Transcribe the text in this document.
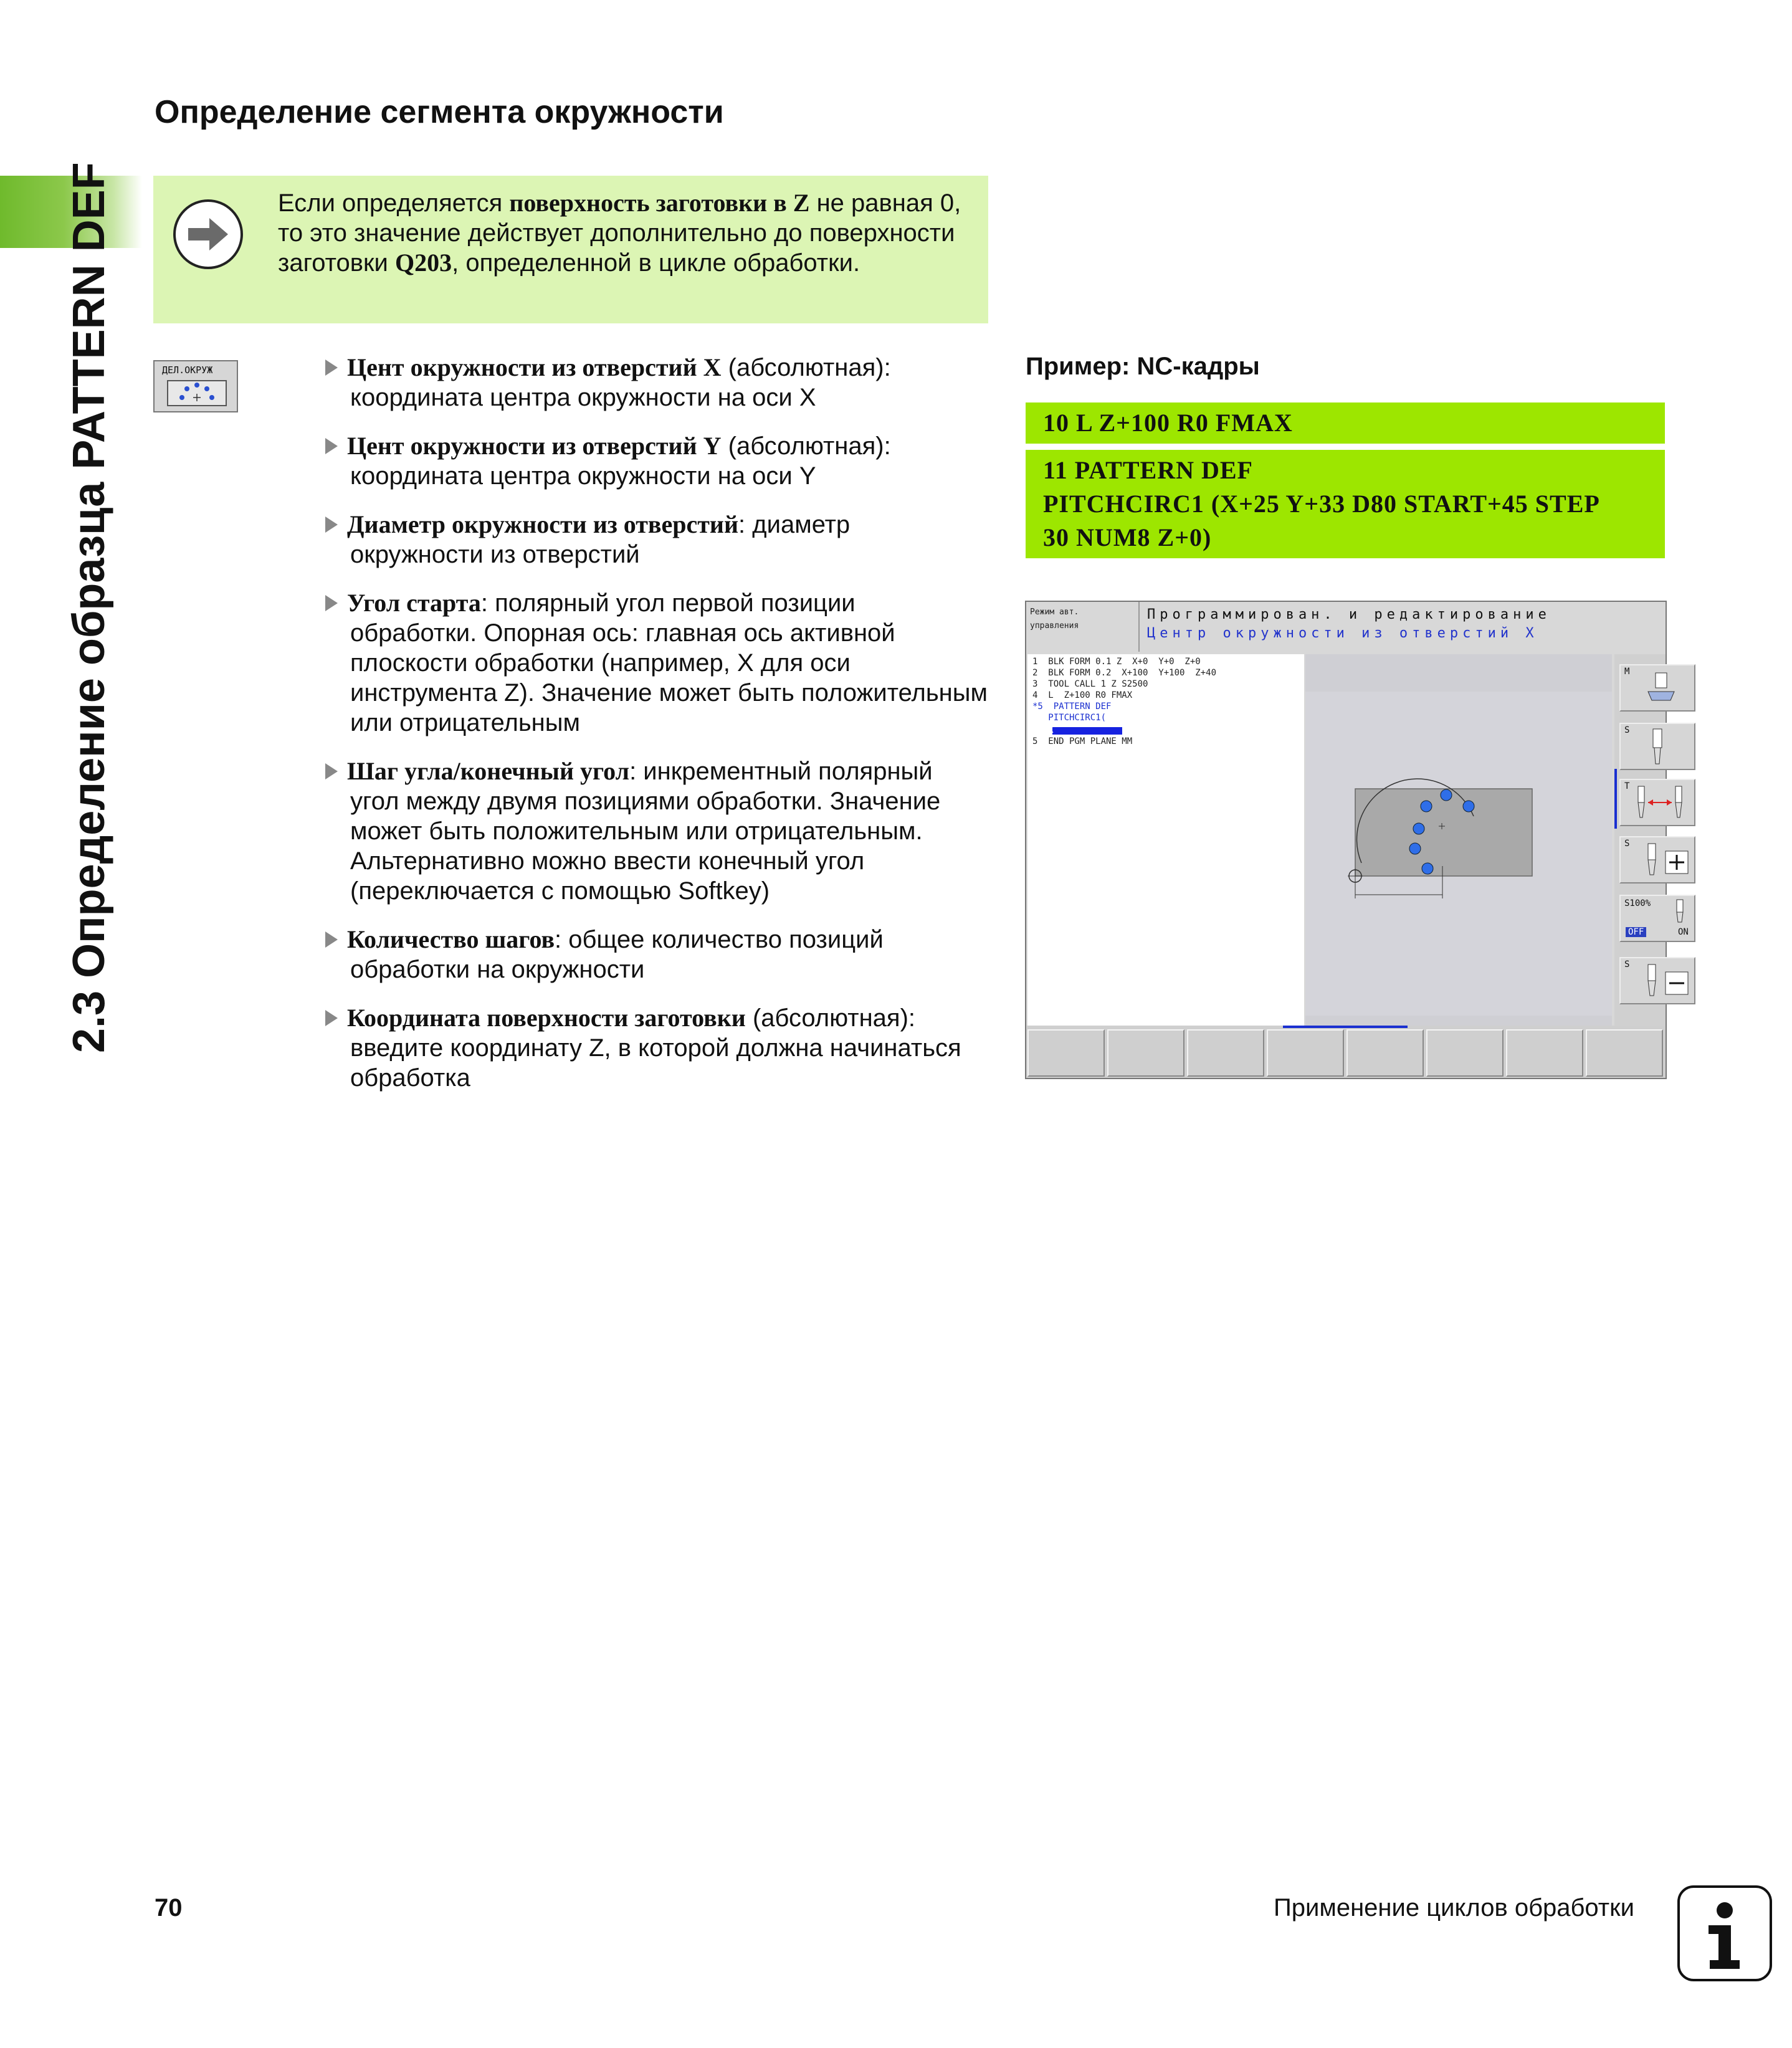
2.3 Определение образца PATTERN DEF
Определение сегмента окружности
Если определяется поверхность заготовки в Z не равная 0, то это значение действует дополнительно до поверхности заготовки Q203, определенной в цикле обработки.
ДЕЛ.ОКРУЖ	Цент окружности из отверстий X (абсолютная):
координата центра окружности на оси X
Цент окружности из отверстий Y (абсолютная):
координата центра окружности на оси Y
Диаметр окружности из отверстий: диаметр
окружности из отверстий
Угол старта: полярный угол первой позиции
обработки. Опорная ось: главная ось активной плоскости обработки (например, X для оси инструмента Z). Значение может быть положительным или отрицательным
Шаг угла/конечный угол: инкрементный полярный
угол между двумя позициями обработки. Значение может быть положительным или отрицательным. Альтернативно можно ввести конечный угол (переключается с помощью Softkey)
Количество шагов: общее количество позиций
обработки на окружности
Координата поверхности заготовки (абсолютная):
введите координату Z, в которой должна начинаться обработка
Пример: NC-кадры
10 L Z+100 R0 FMAX
11 PATTERN DEF
PITCHCIRC1 (X+25 Y+33 D80 START+45 STEP
30 NUM8 Z+0)
Режим авт.
управления
Программирован. и редактирование
Центр окружности из отверстий X
1  BLK FORM 0.1 Z  X+0  Y+0  Z+0
2  BLK FORM 0.2  X+100  Y+100  Z+40
3  TOOL CALL 1 Z S2500
4  L  Z+100 R0 FMAX
*5  PATTERN DEF
PITCHCIRC1(
X
5  END PGM PLANE MM
M
S
T
S
S100%
OFF	ON
S
70	Применение циклов обработки
